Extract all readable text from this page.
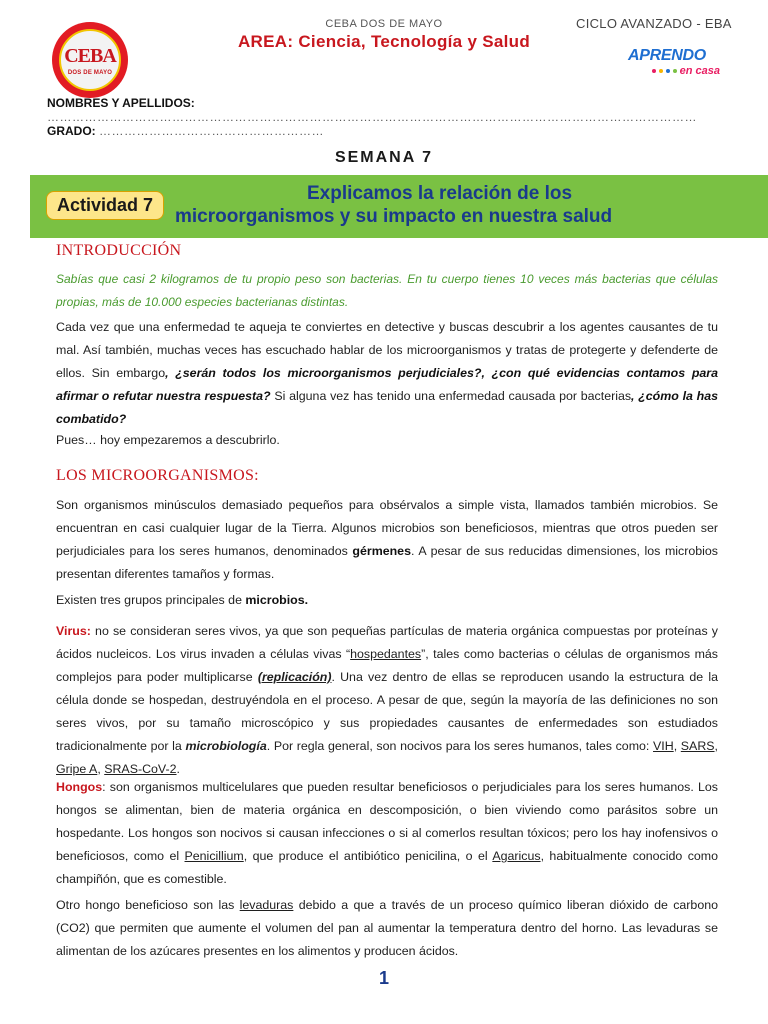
CEBA
DOS DE MAYO
CEBA DOS DE MAYO
AREA: Ciencia, Tecnología y Salud
CICLO AVANZADO - EBA
APRENDO
en casa
NOMBRES Y APELLIDOS: …………………………………………………………………………………………………………………………………………
GRADO: ………………………………………………
SEMANA 7
Actividad 7
Explicamos la relación de los
microorganismos y su impacto en nuestra salud
INTRODUCCIÓN
Sabías que casi 2 kilogramos de tu propio peso son bacterias. En tu cuerpo tienes 10 veces más bacterias que células propias, más de 10.000 especies bacterianas distintas.
Cada vez que una enfermedad te aqueja te conviertes en detective y buscas descubrir a los agentes causantes de tu mal. Así también, muchas veces has escuchado hablar de los microorganismos y tratas de protegerte y defenderte de ellos. Sin embargo, ¿serán todos los microorganismos perjudiciales?, ¿con qué evidencias contamos para afirmar o refutar nuestra respuesta? Si alguna vez has tenido una enfermedad causada por bacterias, ¿cómo la has combatido?
Pues… hoy empezaremos a descubrirlo.
LOS MICROORGANISMOS:
Son organismos minúsculos demasiado pequeños para obsérvalos a simple vista, llamados también microbios. Se encuentran en casi cualquier lugar de la Tierra. Algunos microbios son beneficiosos, mientras que otros pueden ser perjudiciales para los seres humanos, denominados gérmenes. A pesar de sus reducidas dimensiones, los microbios presentan diferentes tamaños y formas.
Existen tres grupos principales de microbios.
Virus: no se consideran seres vivos, ya que son pequeñas partículas de materia orgánica compuestas por proteínas y ácidos nucleicos. Los virus invaden a células vivas “hospedantes”, tales como bacterias o células de organismos más complejos para poder multiplicarse (replicación). Una vez dentro de ellas se reproducen usando la estructura de la célula donde se hospedan, destruyéndola en el proceso. A pesar de que, según la mayoría de las definiciones no son seres vivos, por su tamaño microscópico y sus propiedades causantes de enfermedades son estudiados tradicionalmente por la microbiología. Por regla general, son nocivos para los seres humanos, tales como: VIH, SARS, Gripe A, SRAS-CoV-2.
Hongos: son organismos multicelulares que pueden resultar beneficiosos o perjudiciales para los seres humanos. Los hongos se alimentan, bien de materia orgánica en descomposición, o bien viviendo como parásitos sobre un hospedante. Los hongos son nocivos si causan infecciones o si al comerlos resultan tóxicos; pero los hay inofensivos o beneficiosos, como el Penicillium, que produce el antibiótico penicilina, o el Agaricus, habitualmente conocido como champiñón, que es comestible.
Otro hongo beneficioso son las levaduras debido a que a través de un proceso químico liberan dióxido de carbono (CO2) que permiten que aumente el volumen del pan al aumentar la temperatura dentro del horno. Las levaduras se alimentan de los azúcares presentes en los alimentos y producen ácidos.
1
